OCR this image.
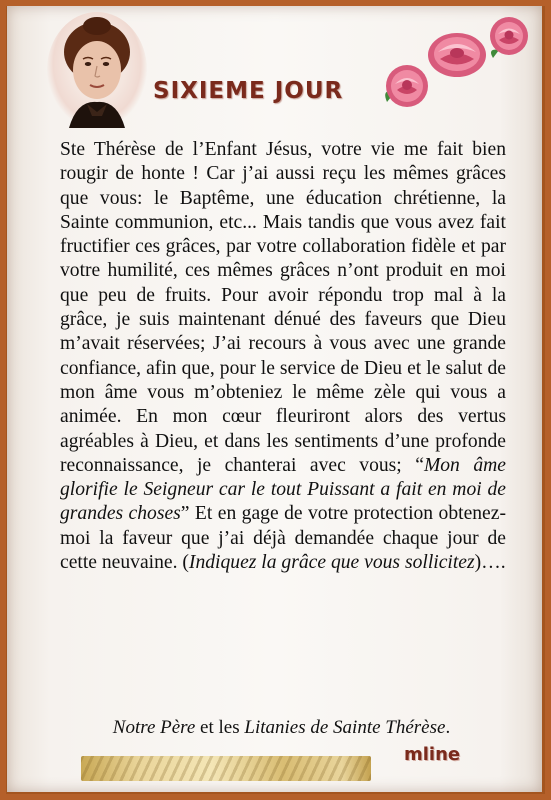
SIXIEME JOUR

Ste Thérèse de l’Enfant Jésus, votre vie me fait bien rougir de honte ! Car j’ai aussi reçu les mêmes grâces que vous: le Baptême, une éducation chrétienne, la Sainte communion, etc... Mais tandis que vous avez fait fructifier ces grâces, par votre collaboration fidèle et par votre humilité, ces mêmes grâces n’ont produit en moi que peu de fruits. Pour avoir répondu trop mal à la grâce, je suis maintenant dénué des faveurs que Dieu m’avait réservées; J’ai recours à vous avec une grande confiance, afin que, pour le service de Dieu et le salut de mon âme vous m’obteniez le même zèle qui vous a animée. En mon cœur fleuriront alors des vertus agréables à Dieu, et dans les sentiments d’une profonde reconnaissance, je chanterai avec vous; “Mon âme glorifie le Seigneur car le tout Puissant a fait en moi de grandes choses” Et en gage de votre protection obtenez-moi la faveur que j’ai déjà demandée chaque jour de cette neuvaine. (Indiquez la grâce que vous sollicitez)….

Notre Père et les Litanies de Sainte Thérèse.
mline
